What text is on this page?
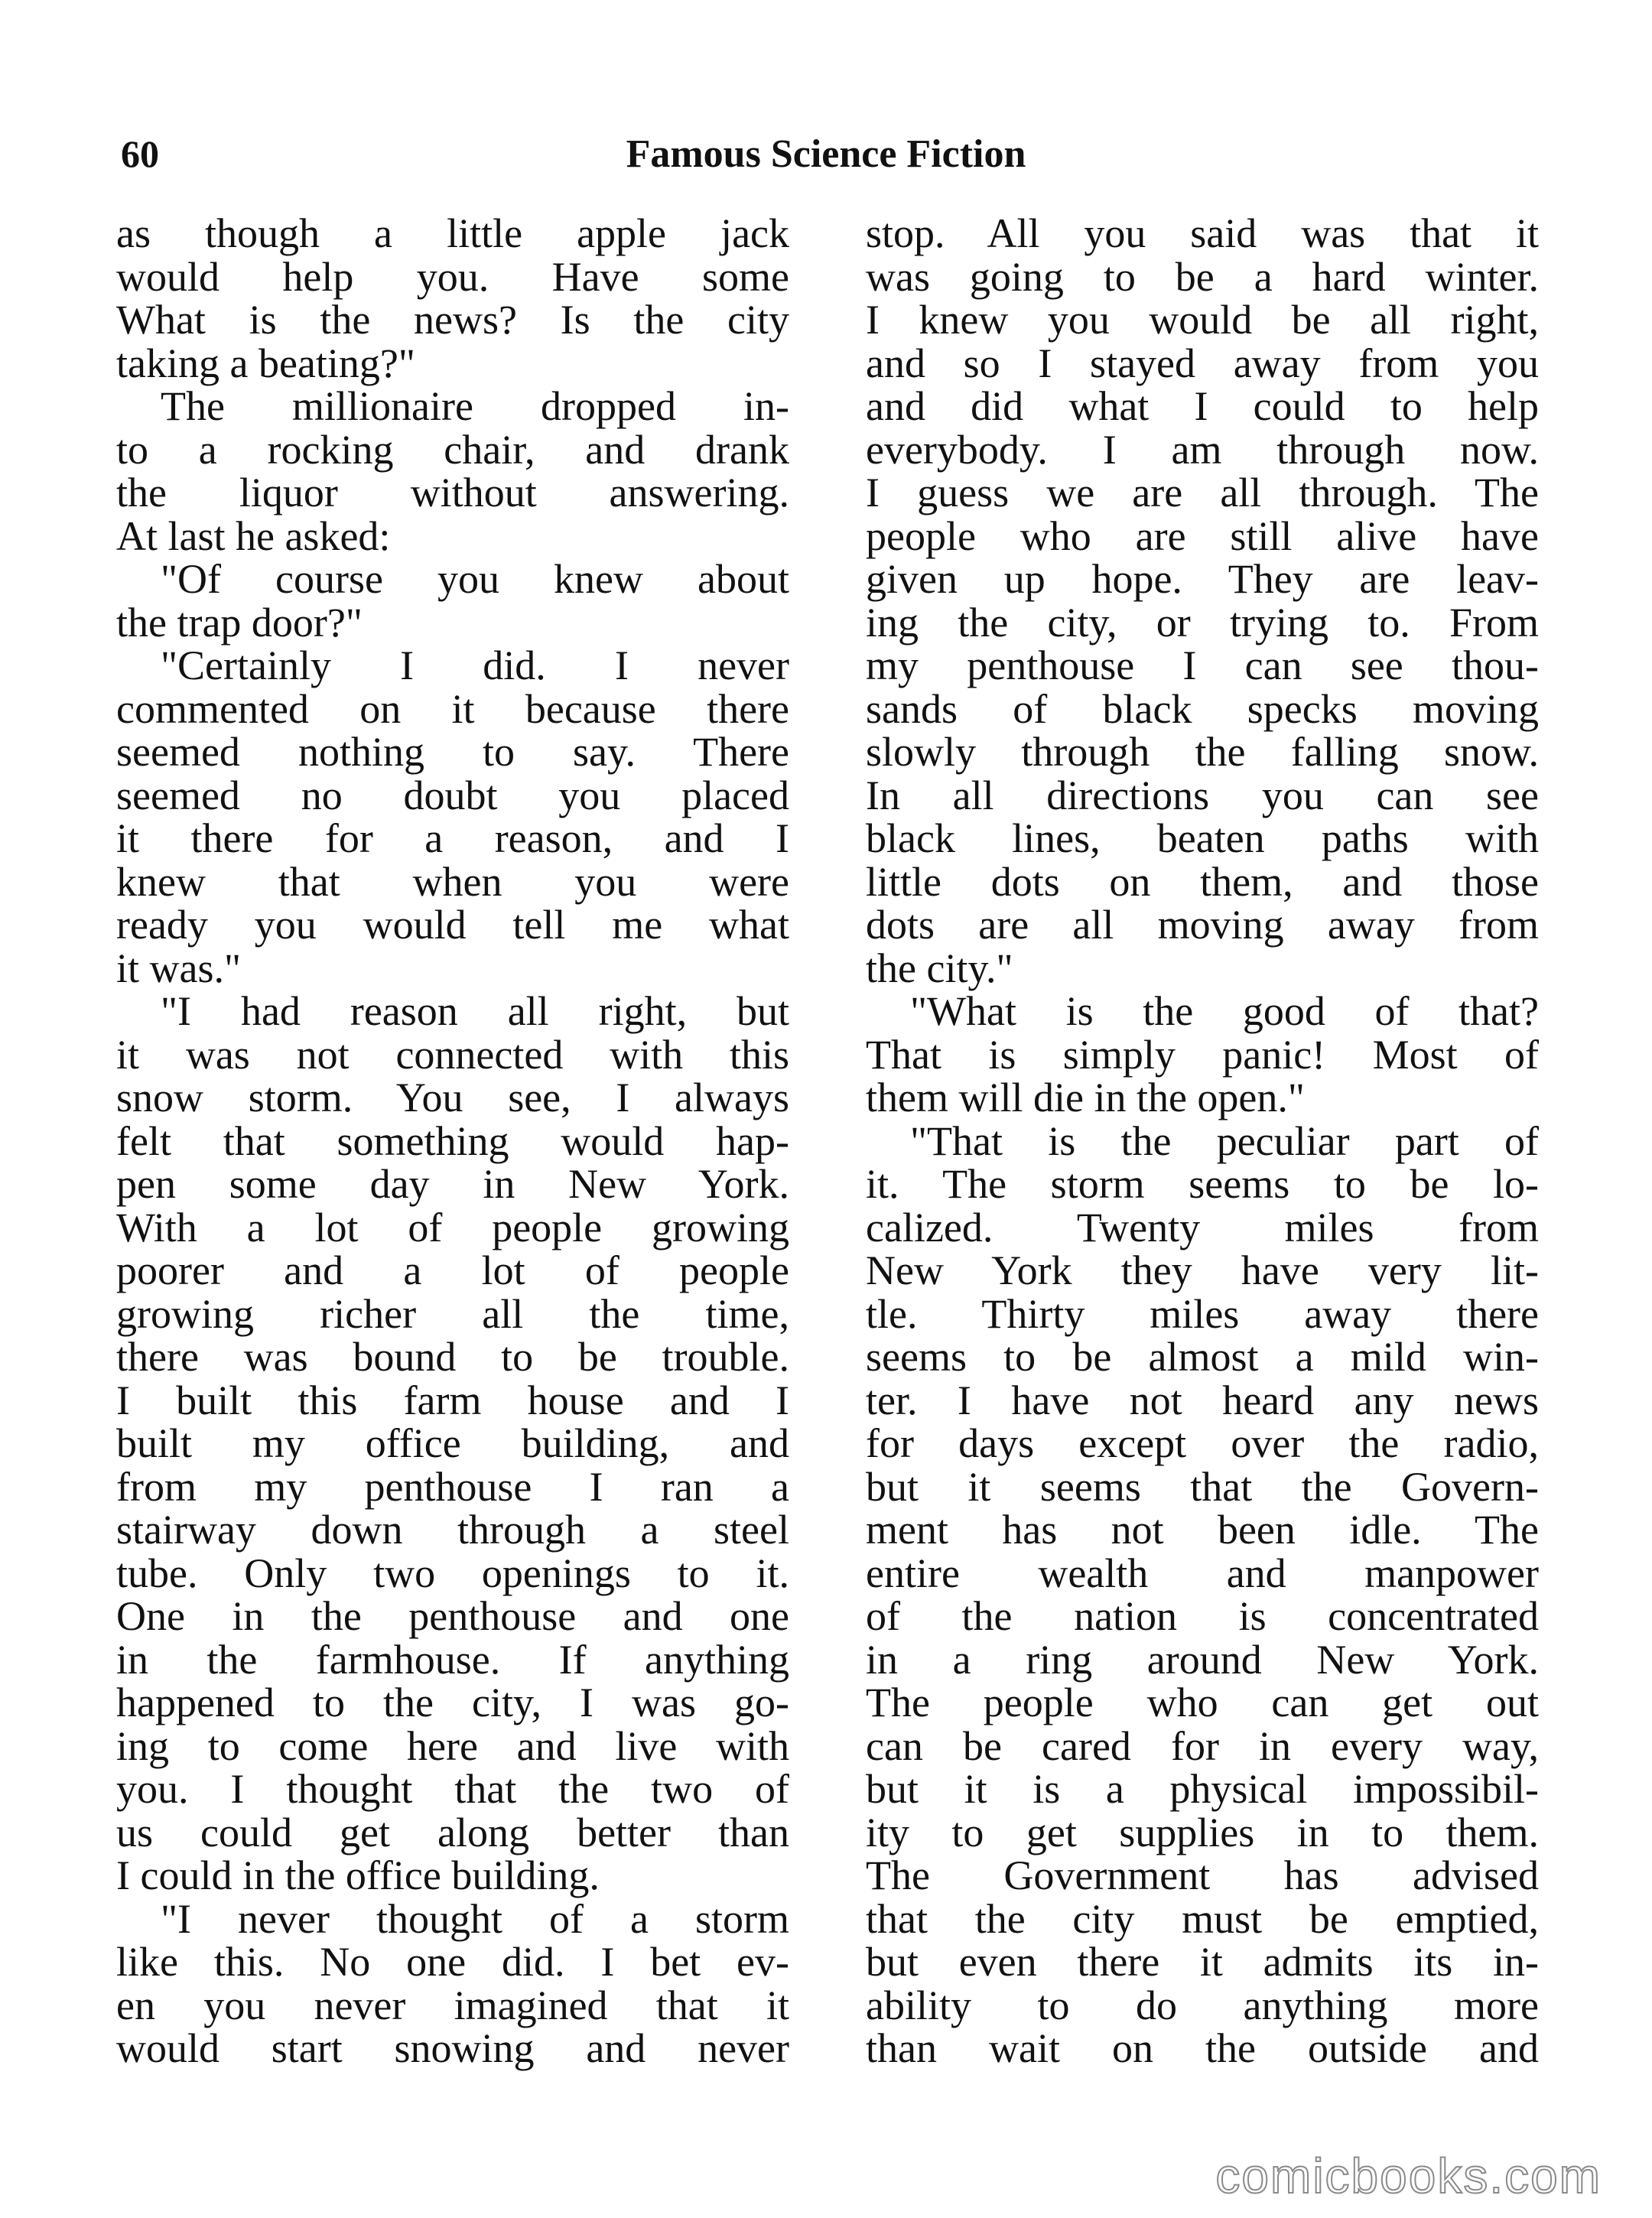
60	Famous Science Fiction
as though a little apple jack
would help you. Have some
What is the news? Is the city
taking a beating?"
The millionaire dropped in-
to a rocking chair, and drank
the liquor without answering.
At last he asked:
"Of course you knew about
the trap door?"
"Certainly I did. I never
commented on it because there
seemed nothing to say. There
seemed no doubt you placed
it there for a reason, and I
knew that when you were
ready you would tell me what
it was."
"I had reason all right, but
it was not connected with this
snow storm. You see, I always
felt that something would hap-
pen some day in New York.
With a lot of people growing
poorer and a lot of people
growing richer all the time,
there was bound to be trouble.
I built this farm house and I
built my office building, and
from my penthouse I ran a
stairway down through a steel
tube. Only two openings to it.
One in the penthouse and one
in the farmhouse. If anything
happened to the city, I was go-
ing to come here and live with
you. I thought that the two of
us could get along better than
I could in the office building.
"I never thought of a storm
like this. No one did. I bet ev-
en you never imagined that it
would start snowing and never
stop. All you said was that it
was going to be a hard winter.
I knew you would be all right,
and so I stayed away from you
and did what I could to help
everybody. I am through now.
I guess we are all through. The
people who are still alive have
given up hope. They are leav-
ing the city, or trying to. From
my penthouse I can see thou-
sands of black specks moving
slowly through the falling snow.
In all directions you can see
black lines, beaten paths with
little dots on them, and those
dots are all moving away from
the city."
"What is the good of that?
That is simply panic! Most of
them will die in the open."
"That is the peculiar part of
it. The storm seems to be lo-
calized. Twenty miles from
New York they have very lit-
tle. Thirty miles away there
seems to be almost a mild win-
ter. I have not heard any news
for days except over the radio,
but it seems that the Govern-
ment has not been idle. The
entire wealth and manpower
of the nation is concentrated
in a ring around New York.
The people who can get out
can be cared for in every way,
but it is a physical impossibil-
ity to get supplies in to them.
The Government has advised
that the city must be emptied,
but even there it admits its in-
ability to do anything more
than wait on the outside and
comicbooks.com
